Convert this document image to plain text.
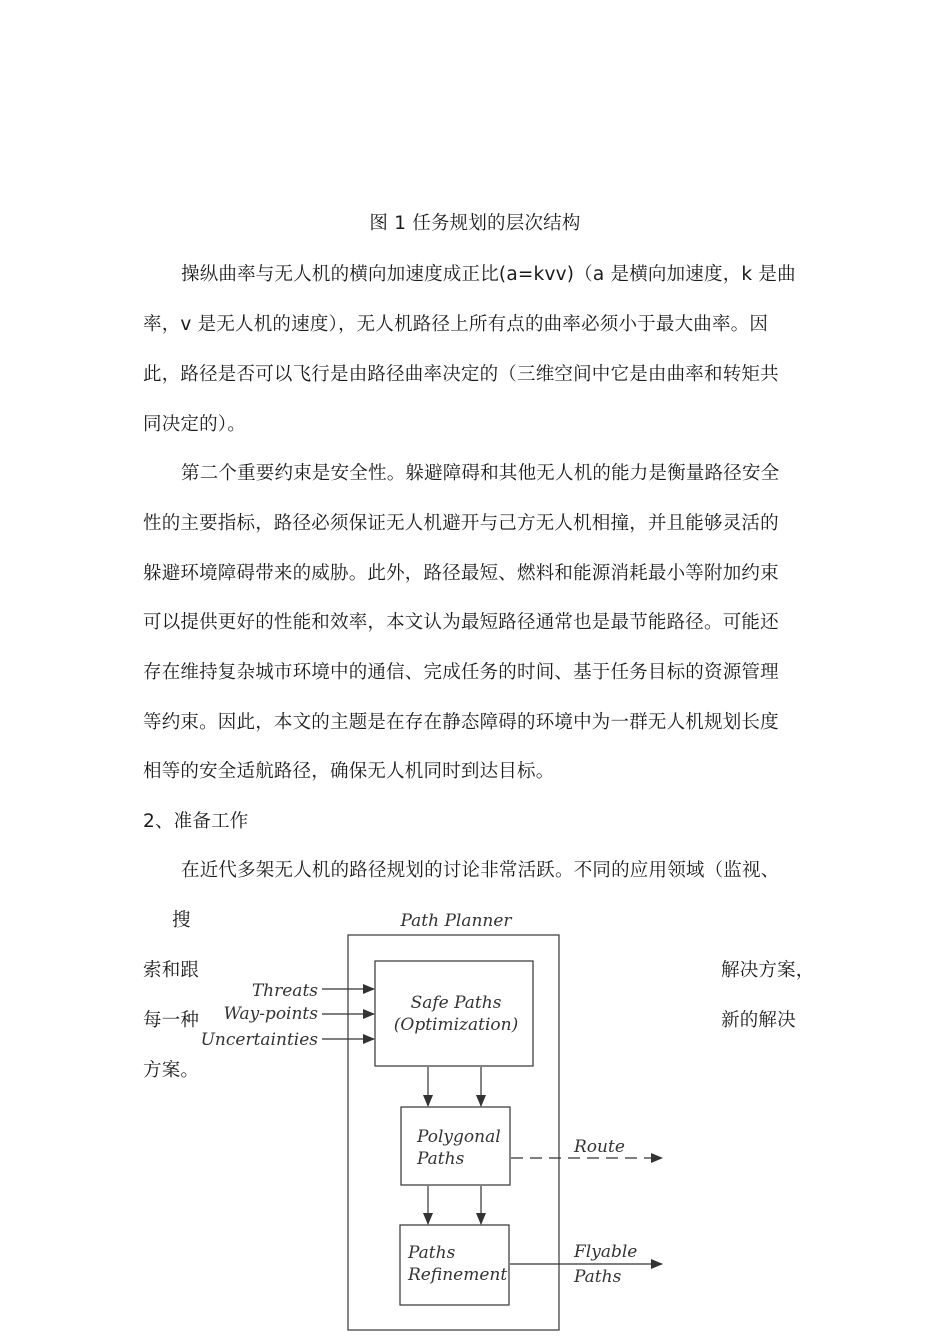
图 1 任务规划的层次结构
操纵曲率与无人机的横向加速度成正比(a=kvv)（a 是横向加速度，k 是曲
率，v 是无人机的速度），无人机路径上所有点的曲率必须小于最大曲率。因
此，路径是否可以飞行是由路径曲率决定的（三维空间中它是由曲率和转矩共
同决定的）。
第二个重要约束是安全性。躲避障碍和其他无人机的能力是衡量路径安全
性的主要指标，路径必须保证无人机避开与己方无人机相撞，并且能够灵活的
躲避环境障碍带来的威胁。此外，路径最短、燃料和能源消耗最小等附加约束
可以提供更好的性能和效率，本文认为最短路径通常也是最节能路径。可能还
存在维持复杂城市环境中的通信、完成任务的时间、基于任务目标的资源管理
等约束。因此，本文的主题是在存在静态障碍的环境中为一群无人机规划长度
相等的安全适航路径，确保无人机同时到达目标。
2、准备工作
在近代多架无人机的路径规划的讨论非常活跃。不同的应用领域（监视、
搜
索和跟	解决方案，
每一种	新的解决
方案。
Path Planner
Threats
Way-points
Uncertainties
Safe Paths
(Optimization)
Polygonal
Paths
Route
Paths
Refinement
Flyable
Paths
